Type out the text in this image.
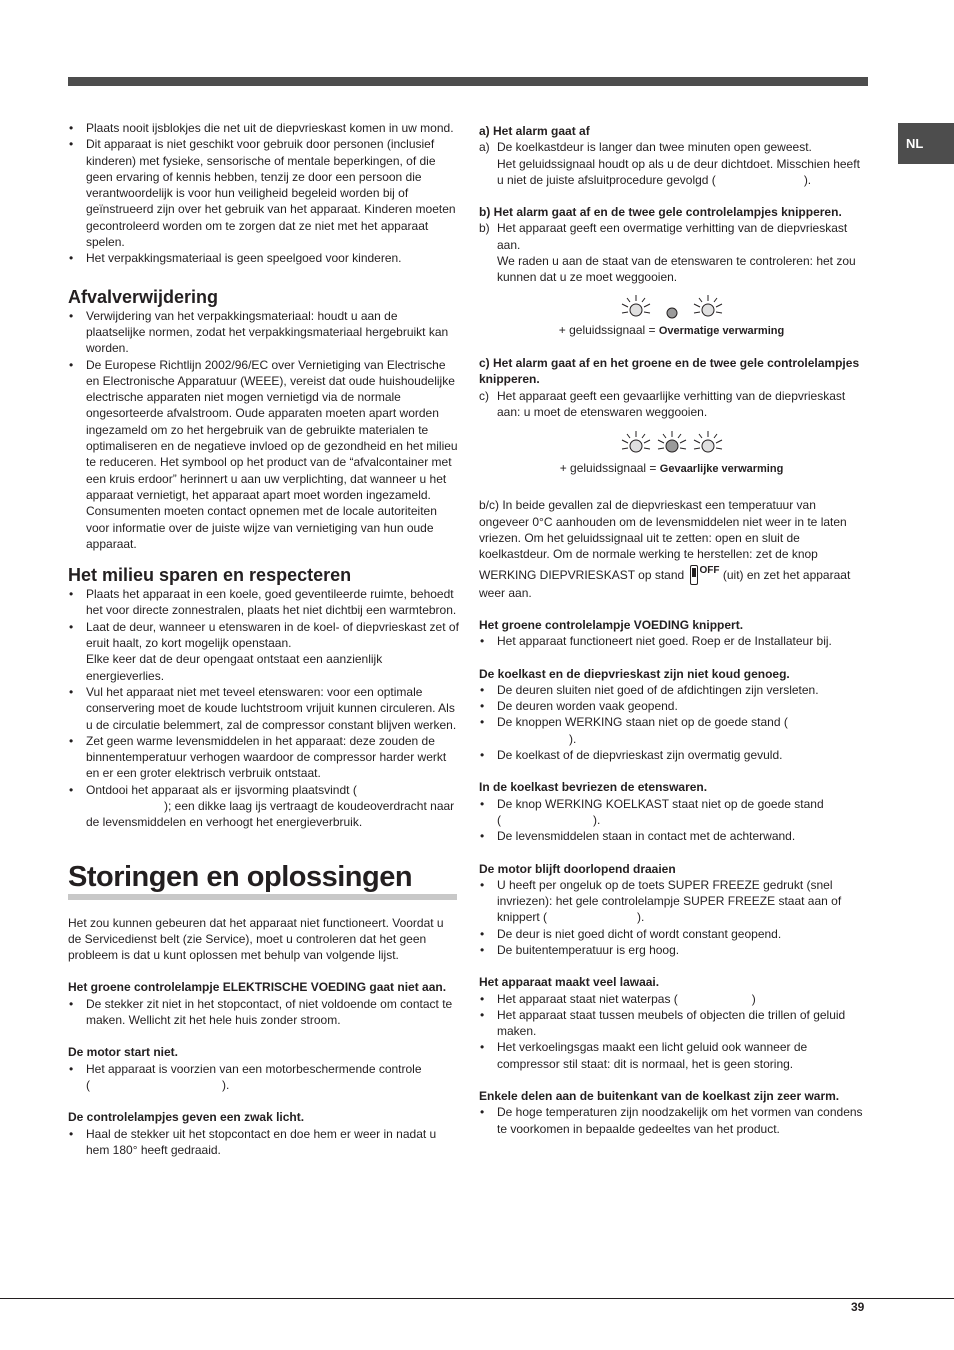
NL
• Plaats nooit ijsblokjes die net uit de diepvrieskast komen in uw mond.
• Dit apparaat is niet geschikt voor gebruik door personen (inclusief kinderen) met fysieke, sensorische of mentale beperkingen, of die geen ervaring of kennis hebben, tenzij ze door een persoon die verantwoordelijk is voor hun veiligheid begeleid worden bij of geïnstrueerd zijn over het gebruik van het apparaat. Kinderen moeten gecontroleerd worden om te zorgen dat ze niet met het apparaat spelen.
• Het verpakkingsmateriaal is geen speelgoed voor kinderen.
Afvalverwijdering
• Verwijdering van het verpakkingsmateriaal: houdt u aan de plaatselijke normen, zodat het verpakkingsmateriaal hergebruikt kan worden.
• De Europese Richtlijn 2002/96/EC over Vernietiging van Electrische en Electronische Apparatuur (WEEE), vereist dat oude huishoudelijke electrische apparaten niet mogen vernietigd via de normale ongesorteerde afvalstroom. Oude apparaten moeten apart worden ingezameld om zo het hergebruik van de gebruikte materialen te optimaliseren en de negatieve invloed op de gezondheid en het milieu te reduceren. Het symbool op het product van de “afvalcontainer met een kruis erdoor” herinnert u aan uw verplichting, dat wanneer u het apparaat vernietigt, het apparaat apart moet worden ingezameld.
Consumenten moeten contact opnemen met de locale autoriteiten voor informatie over de juiste wijze van vernietiging van hun oude apparaat.
Het milieu sparen en respecteren
• Plaats het apparaat in een koele, goed geventileerde ruimte, behoedt het voor directe zonnestralen, plaats het niet dichtbij een warmtebron.
• Laat de deur, wanneer u etenswaren in de koel- of diepvrieskast zet of eruit haalt, zo kort mogelijk openstaan.
Elke keer dat de deur opengaat ontstaat een aanzienlijk energieverlies.
• Vul het apparaat niet met teveel etenswaren: voor een optimale conservering moet de koude luchtstroom vrijuit kunnen circuleren. Als u de circulatie belemmert, zal de compressor constant blijven werken.
• Zet geen warme levensmiddelen in het apparaat: deze zouden de binnentemperatuur verhogen waardoor de compressor harder werkt en er een groter elektrisch verbruik ontstaat.
• Ontdooi het apparaat als er ijsvorming plaatsvindt (
); een dikke laag ijs vertraagt de koudeoverdracht naar de levensmiddelen en verhoogt het energieverbruik.
Storingen en oplossingen

Het zou kunnen gebeuren dat het apparaat niet functioneert. Voordat u de Servicedienst belt (zie Service), moet u controleren dat het geen probleem is dat u kunt oplossen met behulp van volgende lijst.

Het groene controlelampje ELEKTRISCHE VOEDING gaat niet aan.

• De stekker zit niet in het stopcontact, of niet voldoende om contact te maken. Wellicht zit het hele huis zonder stroom.

De motor start niet.

• Het apparaat is voorzien van een motorbeschermende controle
(	).

De controlelampjes geven een zwak licht.

• Haal de stekker uit het stopcontact en doe hem er weer in nadat u hem 180° heeft gedraaid.

a) Het alarm gaat af

a) De koelkastdeur is langer dan twee minuten open geweest.
Het geluidssignaal houdt op als u de deur dichtdoet. Misschien heeft u niet de juiste afsluitprocedure gevolgd (	).

b) Het alarm gaat af en de twee gele controlelampjes knipperen.

b) Het apparaat geeft een overmatige verhitting van de diepvrieskast aan.
We raden u aan de staat van de etenswaren te controleren: het zou kunnen dat u ze moet weggooien.
+ geluidssignaal = Overmatige verwarming

c) Het alarm gaat af en het groene en de twee gele controlelampjes knipperen.

c) Het apparaat geeft een gevaarlijke verhitting van de diepvrieskast aan: u moet de etenswaren weggooien.
+ geluidssignaal = Gevaarlijke verwarming

b/c) In beide gevallen zal de diepvrieskast een temperatuur van ongeveer 0°C aanhouden om de levensmiddelen niet weer in te laten vriezen. Om het geluidssignaal uit te zetten: open en sluit de koelkastdeur. Om de normale werking te herstellen: zet de knop WERKING DIEPVRIESKAST op stand $^{OFF}$ (uit) en zet het apparaat weer aan.

Het groene controlelampje VOEDING knippert.

• Het apparaat functioneert niet goed. Roep er de Installateur bij.

De koelkast en de diepvrieskast zijn niet koud genoeg.

• De deuren sluiten niet goed of de afdichtingen zijn versleten.
• De deuren worden vaak geopend.
• De knoppen WERKING staan niet op de goede stand (
).
• De koelkast of de diepvrieskast zijn overmatig gevuld.

In de koelkast bevriezen de etenswaren.

• De knop WERKING KOELKAST staat niet op de goede stand
(	).
• De levensmiddelen staan in contact met de achterwand.

De motor blijft doorlopend draaien

• U heeft per ongeluk op de toets SUPER FREEZE gedrukt (snel invriezen): het gele controlelampje SUPER FREEZE staat aan of knippert (	).
• De deur is niet goed dicht of wordt constant geopend.
• De buitentemperatuur is erg hoog.

Het apparaat maakt veel lawaai.

• Het apparaat staat niet waterpas (	)
• Het apparaat staat tussen meubels of objecten die trillen of geluid maken.
• Het verkoelingsgas maakt een licht geluid ook wanneer de compressor stil staat: dit is normaal, het is geen storing.

Enkele delen aan de buitenkant van de koelkast zijn zeer warm.

• De hoge temperaturen zijn noodzakelijk om het vormen van condens te voorkomen in bepaalde gedeeltes van het product.
39
